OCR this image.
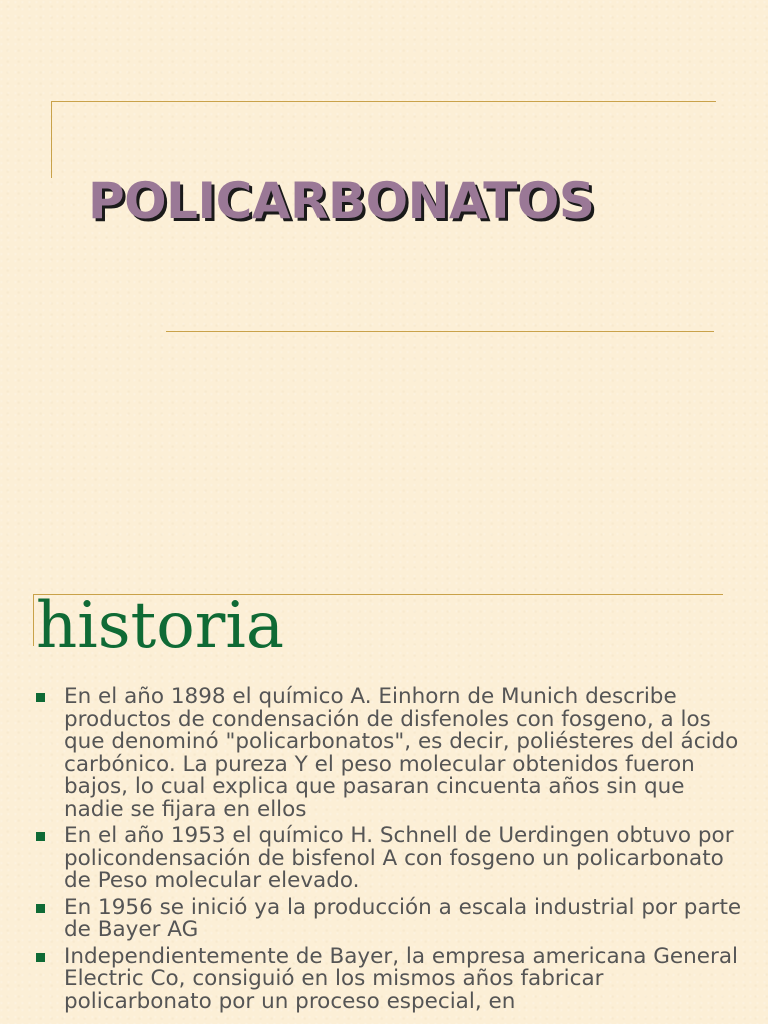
POLICARBONATOS
historia
En el año 1898 el químico A. Einhorn de Munich describe productos de condensación de disfenoles con fosgeno, a los que denominó "policarbonatos", es decir, poliésteres del ácido carbónico. La pureza Y el peso molecular obtenidos fueron bajos, lo cual explica que pasaran cincuenta años sin que nadie se fijara en ellos
En el año 1953 el químico H. Schnell de Uerdingen obtuvo por policondensación de bisfenol A con fosgeno un policarbonato de Peso molecular elevado.
En 1956 se inició ya la producción a escala industrial por parte de Bayer AG
Independientemente de Bayer, la empresa americana General Electric Co, consiguió en los mismos años fabricar policarbonato por un proceso especial, en
